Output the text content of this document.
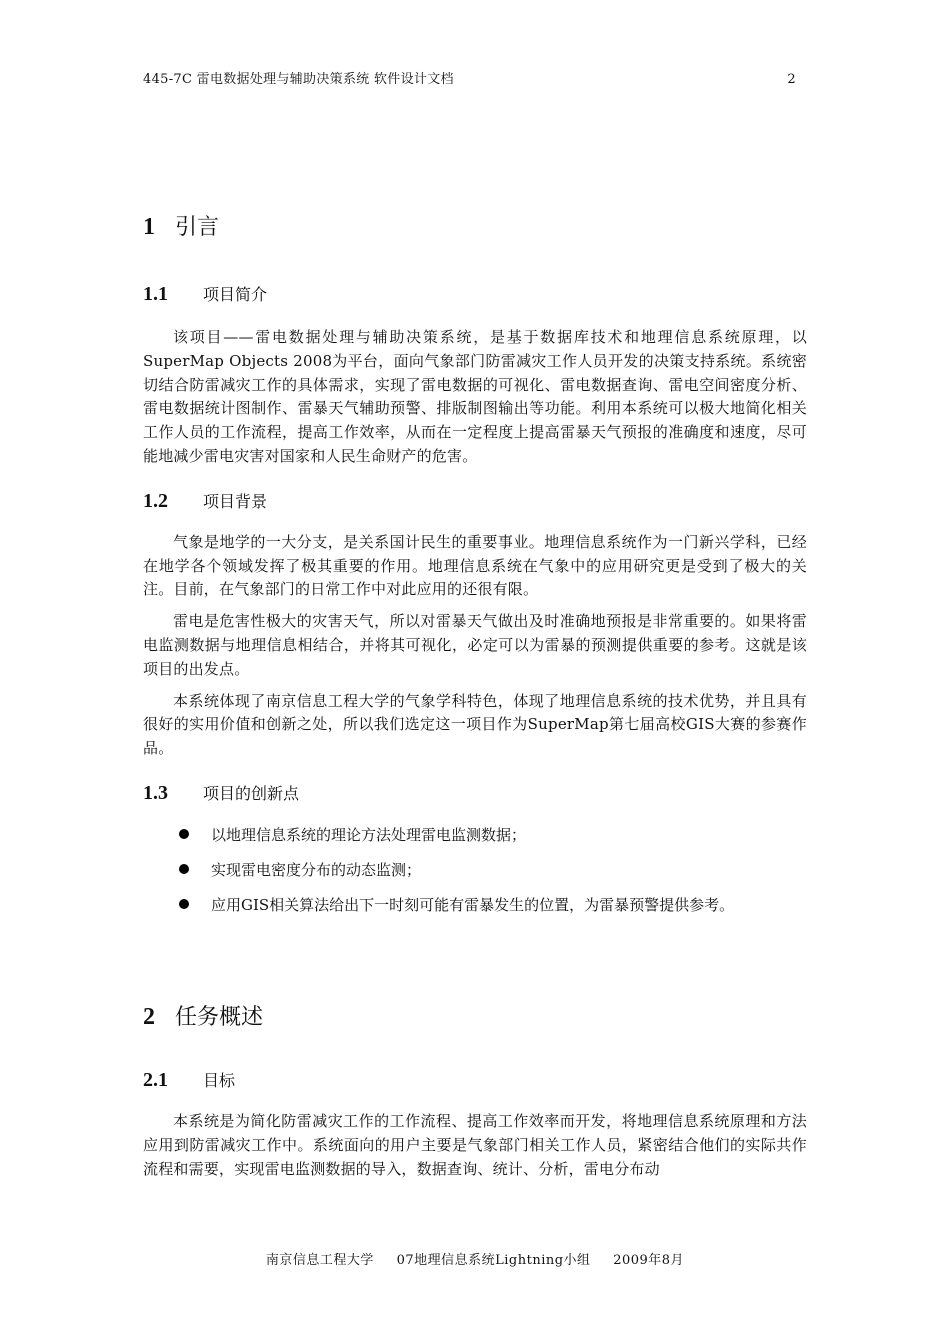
445-7C 雷电数据处理与辅助决策系统 软件设计文档	2
1 引言
1.1	项目简介

该项目——雷电数据处理与辅助决策系统，是基于数据库技术和地理信息系统原理，以SuperMap Objects 2008为平台，面向气象部门防雷减灾工作人员开发的决策支持系统。系统密切结合防雷减灾工作的具体需求，实现了雷电数据的可视化、雷电数据查询、雷电空间密度分析、雷电数据统计图制作、雷暴天气辅助预警、排版制图输出等功能。利用本系统可以极大地简化相关工作人员的工作流程，提高工作效率，从而在一定程度上提高雷暴天气预报的准确度和速度，尽可能地减少雷电灾害对国家和人民生命财产的危害。

1.2	项目背景

气象是地学的一大分支，是关系国计民生的重要事业。地理信息系统作为一门新兴学科，已经在地学各个领域发挥了极其重要的作用。地理信息系统在气象中的应用研究更是受到了极大的关注。目前，在气象部门的日常工作中对此应用的还很有限。

雷电是危害性极大的灾害天气，所以对雷暴天气做出及时准确地预报是非常重要的。如果将雷电监测数据与地理信息相结合，并将其可视化，必定可以为雷暴的预测提供重要的参考。这就是该项目的出发点。

本系统体现了南京信息工程大学的气象学科特色，体现了地理信息系统的技术优势，并且具有很好的实用价值和创新之处，所以我们选定这一项目作为SuperMap第七届高校GIS大赛的参赛作品。

1.3	项目的创新点
以地理信息系统的理论方法处理雷电监测数据；
实现雷电密度分布的动态监测；
应用GIS相关算法给出下一时刻可能有雷暴发生的位置，为雷暴预警提供参考。
2 任务概述
2.1	目标

本系统是为简化防雷减灾工作的工作流程、提高工作效率而开发，将地理信息系统原理和方法应用到防雷减灾工作中。系统面向的用户主要是气象部门相关工作人员，紧密结合他们的实际共作流程和需要，实现雷电监测数据的导入，数据查询、统计、分析，雷电分布动

南京信息工程大学 07地理信息系统Lightning小组 2009年8月
